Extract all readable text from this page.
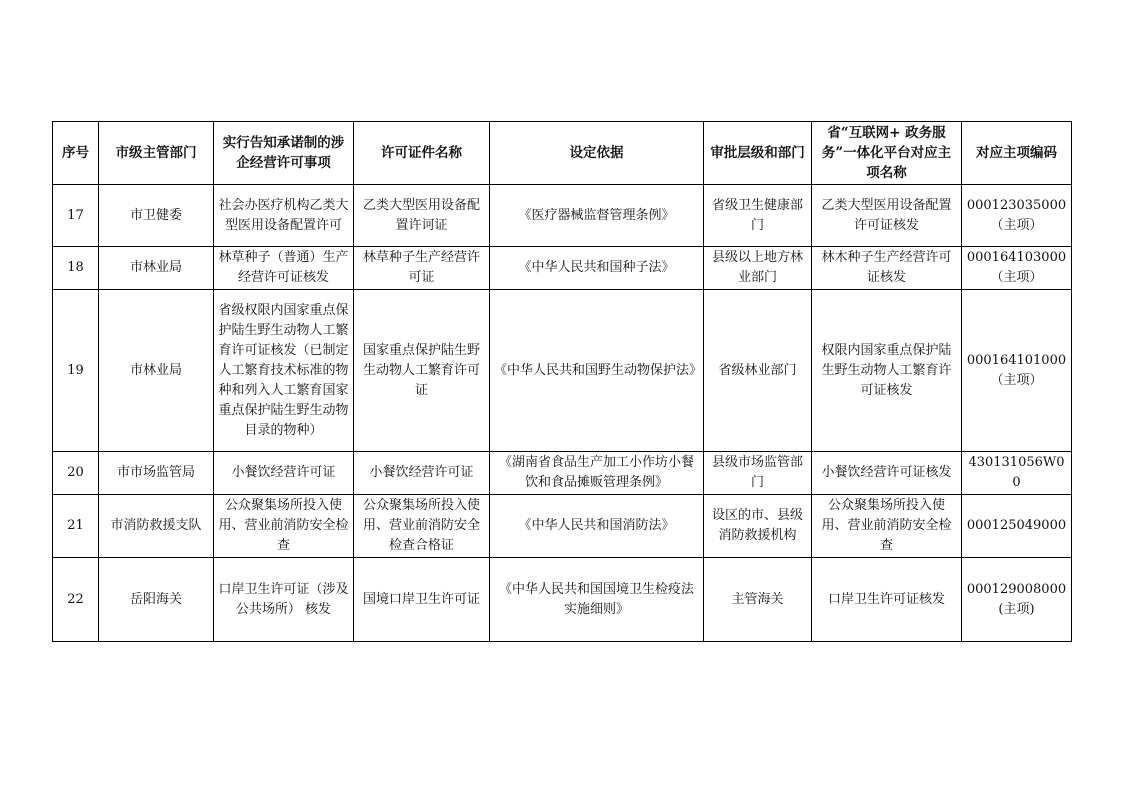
序号	市级主管部门	实行告知承诺制的涉企经营许可事项	许可证件名称	设定依据	审批层级和部门	省“互联网+ 政务服务”一体化平台对应主项名称	对应主项编码
17	市卫健委	社会办医疗机构乙类大型医用设备配置许可	乙类大型医用设备配置许诃证	《医疗器械监督管理条例》	省级卫生健康部门	乙类大型医用设备配置许可证核发	000123035000（主项）
18	市林业局	林草种子（普通）生产经营许可证核发	林草种子生产经营许可证	《中华人民共和国种子法》	县级以上地方林业部门	林木种子生产经营许可证核发	000164103000（主项）
19	市林业局	省级权限内国家重点保护陆生野生动物人工繁育许可证核发（已制定人工繁育技术标准的物种和列入人工繁育国家重点保护陆生野生动物目录的物种）	国家重点保护陆生野生动物人工繁育许可证	《中华人民共和国野生动物保护法》	省级林业部门	权限内国家重点保护陆生野生动物人工繁育许可证核发	000164101000（主项）
20	市市场监管局	小餐饮经营许可证	小餐饮经营许可证	《湖南省食品生产加工小作坊小餐饮和食品摊贩管理条例》	县级市场监管部门	小餐饮经营许可证核发	430131056W00
21	市消防救援支队	公众聚集场所投入使用、营业前消防安全检查	公众聚集场所投入使用、营业前消防安全检查合格证	《中华人民共和国消防法》	设区的市、县级消防救援机构	公众聚集场所投入使用、营业前消防安全检查	000125049000
22	岳阳海关	口岸卫生许可证（涉及公共场所） 核发	国境口岸卫生许可证	《中华人民共和国国境卫生检疫法实施细则》	主管海关	口岸卫生许可证核发	000129008000(主项)
